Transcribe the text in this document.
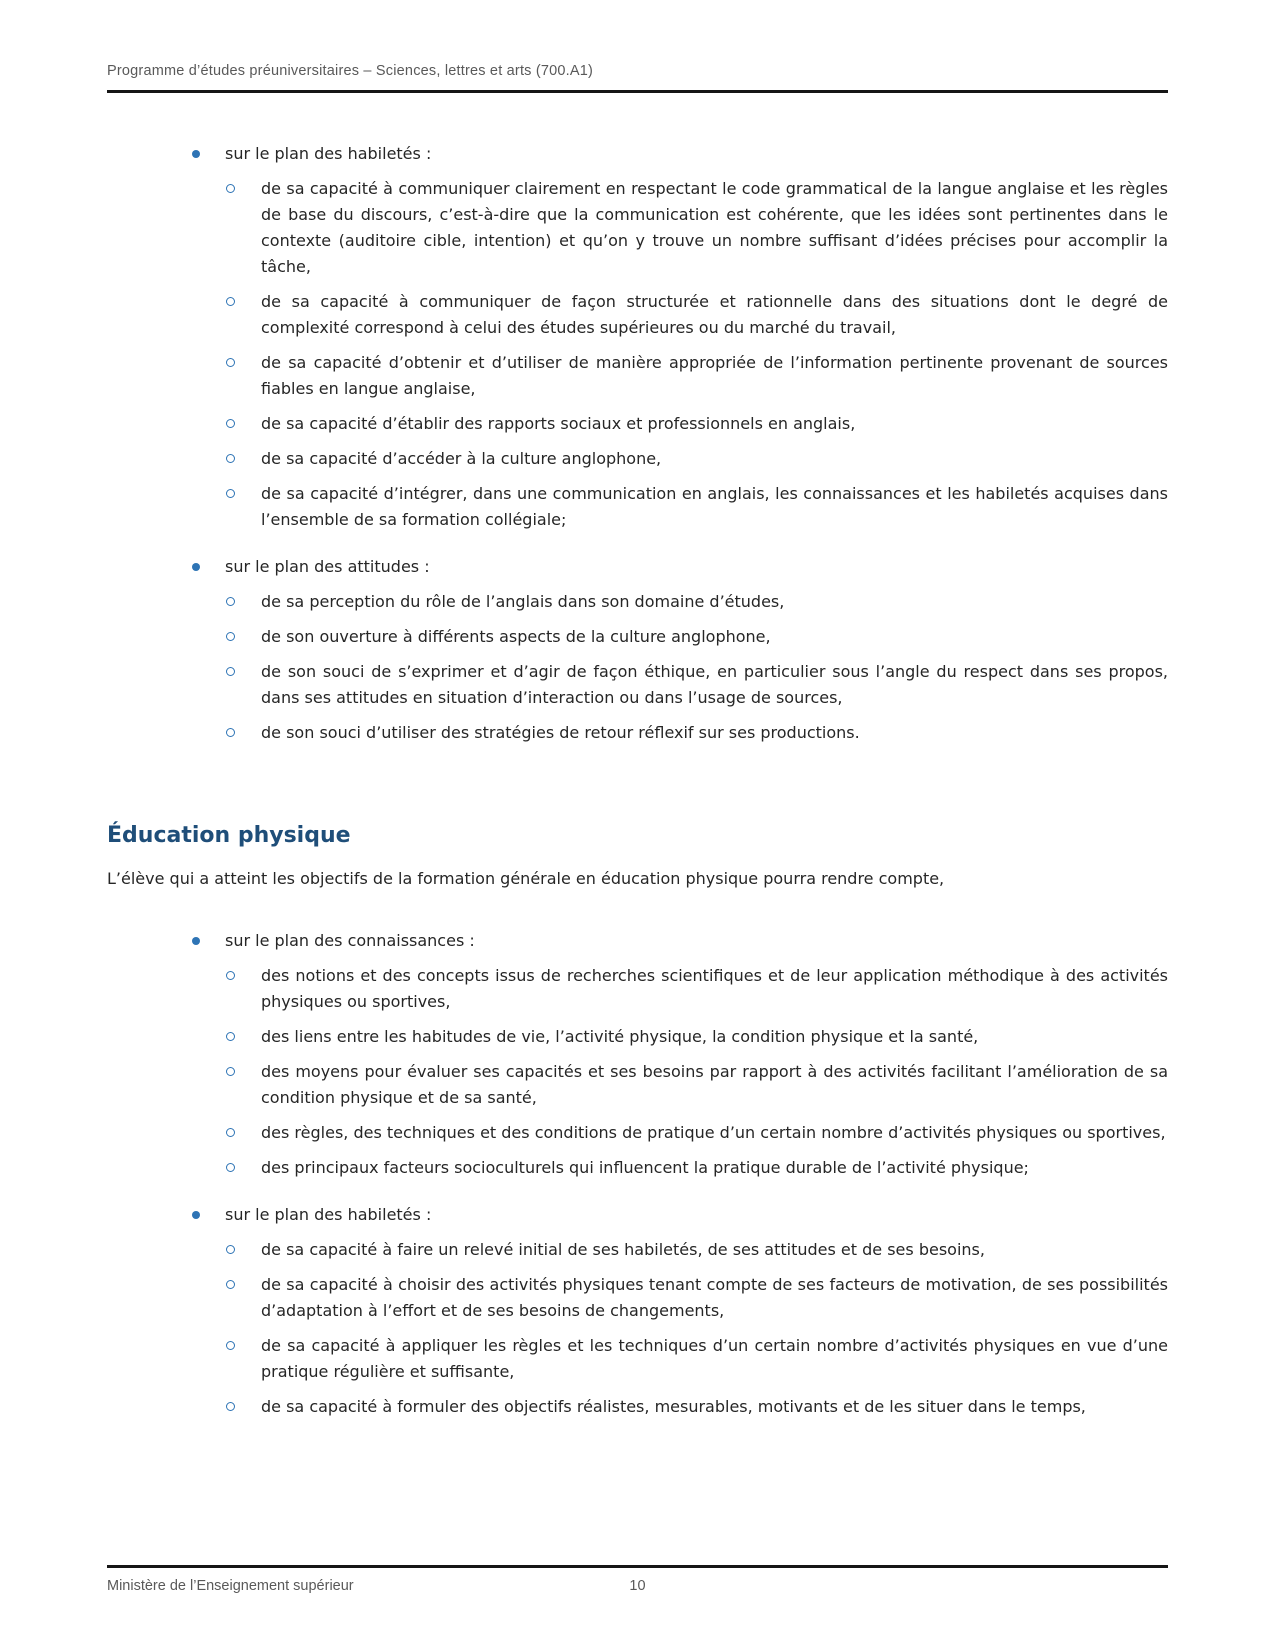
Programme d’études préuniversitaires – Sciences, lettres et arts (700.A1)
sur le plan des habiletés :
de sa capacité à communiquer clairement en respectant le code grammatical de la langue anglaise et les règles de base du discours, c’est-à-dire que la communication est cohérente, que les idées sont pertinentes dans le contexte (auditoire cible, intention) et qu’on y trouve un nombre suffisant d’idées précises pour accomplir la tâche,
de sa capacité à communiquer de façon structurée et rationnelle dans des situations dont le degré de complexité correspond à celui des études supérieures ou du marché du travail,
de sa capacité d’obtenir et d’utiliser de manière appropriée de l’information pertinente provenant de sources fiables en langue anglaise,
de sa capacité d’établir des rapports sociaux et professionnels en anglais,
de sa capacité d’accéder à la culture anglophone,
de sa capacité d’intégrer, dans une communication en anglais, les connaissances et les habiletés acquises dans l’ensemble de sa formation collégiale;
sur le plan des attitudes :
de sa perception du rôle de l’anglais dans son domaine d’études,
de son ouverture à différents aspects de la culture anglophone,
de son souci de s’exprimer et d’agir de façon éthique, en particulier sous l’angle du respect dans ses propos, dans ses attitudes en situation d’interaction ou dans l’usage de sources,
de son souci d’utiliser des stratégies de retour réflexif sur ses productions.
Éducation physique

L’élève qui a atteint les objectifs de la formation générale en éducation physique pourra rendre compte,

sur le plan des connaissances :
des notions et des concepts issus de recherches scientifiques et de leur application méthodique à des activités physiques ou sportives,
des liens entre les habitudes de vie, l’activité physique, la condition physique et la santé,
des moyens pour évaluer ses capacités et ses besoins par rapport à des activités facilitant l’amélioration de sa condition physique et de sa santé,
des règles, des techniques et des conditions de pratique d’un certain nombre d’activités physiques ou sportives,
des principaux facteurs socioculturels qui influencent la pratique durable de l’activité physique;
sur le plan des habiletés :
de sa capacité à faire un relevé initial de ses habiletés, de ses attitudes et de ses besoins,
de sa capacité à choisir des activités physiques tenant compte de ses facteurs de motivation, de ses possibilités d’adaptation à l’effort et de ses besoins de changements,
de sa capacité à appliquer les règles et les techniques d’un certain nombre d’activités physiques en vue d’une pratique régulière et suffisante,
de sa capacité à formuler des objectifs réalistes, mesurables, motivants et de les situer dans le temps,
Ministère de l’Enseignement supérieur	10
